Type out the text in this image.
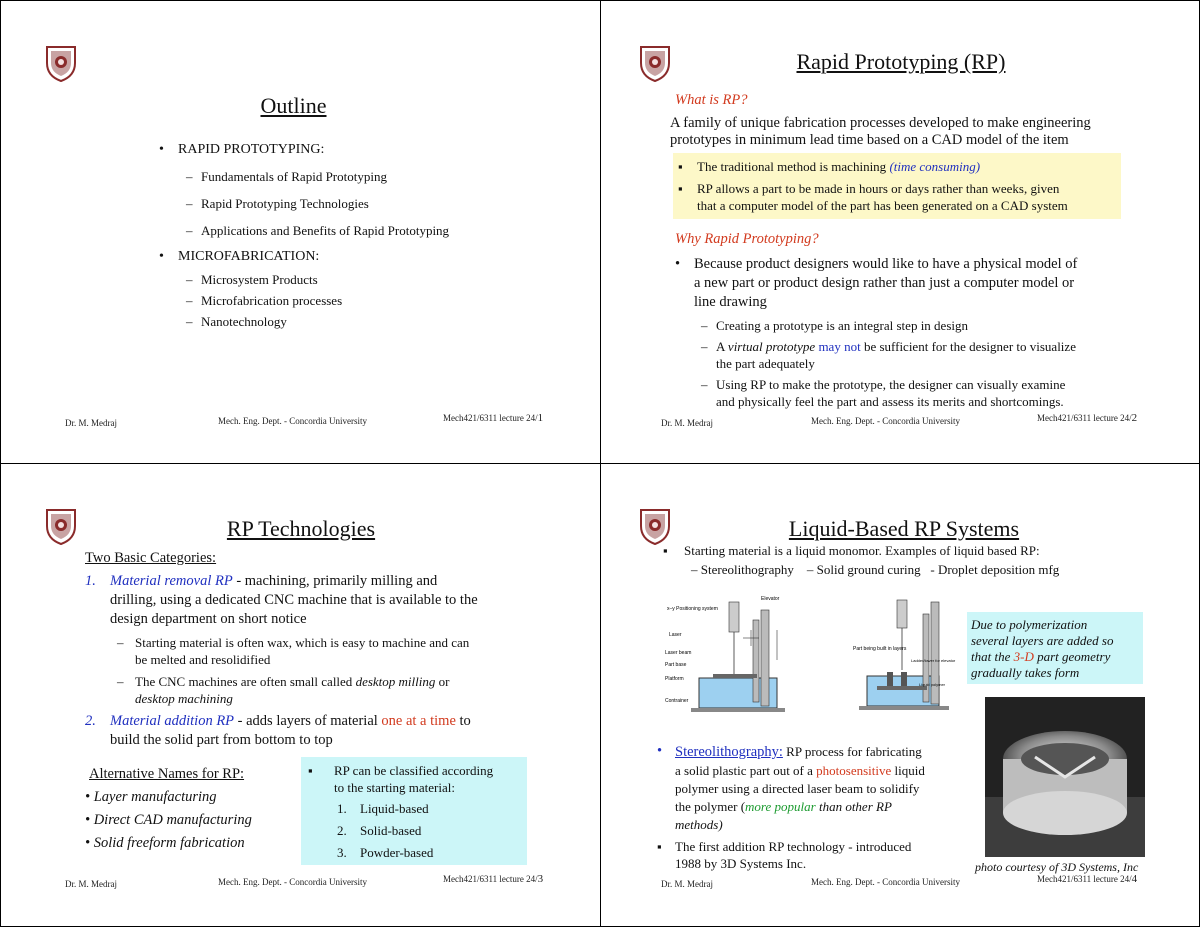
Outline
• RAPID PROTOTYPING:
– Fundamentals of Rapid Prototyping
– Rapid Prototyping Technologies
– Applications and Benefits of Rapid Prototyping
• MICROFABRICATION:
– Microsystem Products
– Microfabrication processes
– Nanotechnology
Dr. M. Medraj	Mech. Eng. Dept. - Concordia University	Mech421/6311 lecture 24/1
Rapid Prototyping (RP)
What is RP?
A family of unique fabrication processes developed to make engineering
prototypes in minimum lead time based on a CAD model of the item
▪ The traditional method is machining (time consuming)
▪ RP allows a part to be made in hours or days rather than weeks, given
that a computer model of the part has been generated on a CAD system
Why Rapid Prototyping?
• Because product designers would like to have a physical model of
a new part or product design rather than just a computer model or
line drawing
– Creating a prototype is an integral step in design
– A virtual prototype may not be sufficient for the designer to visualize
the part adequately
– Using RP to make the prototype, the designer can visually examine
and physically feel the part and assess its merits and shortcomings.
Dr. M. Medraj	Mech. Eng. Dept. - Concordia University	Mech421/6311 lecture 24/2
RP Technologies
Two Basic Categories:
1. Material removal RP - machining, primarily milling and
drilling, using a dedicated CNC machine that is available to the
design department on short notice
– Starting material is often wax, which is easy to machine and can
be melted and resolidified
– The CNC machines are often small called desktop milling or
desktop machining
2. Material addition RP - adds layers of material one at a time to
build the solid part from bottom to top
Alternative Names for RP:
• Layer manufacturing
• Direct CAD manufacturing
• Solid freeform fabrication
▪ RP can be classified according
to the starting material:
1. Liquid-based
2. Solid-based
3. Powder-based
Dr. M. Medraj	Mech. Eng. Dept. - Concordia University	Mech421/6311 lecture 24/3
Liquid-Based RP Systems
▪ Starting material is a liquid monomor. Examples of liquid based RP:
– Stereolithography    – Solid ground curing   - Droplet deposition mfg
Elevator
x–y Positioning system
Laser
Laser beam
Part base
Platform
Contrainer
Part being built in layers
Ladder/lower for elevator
Liquid polymer
Due to polymerization
several layers are added so
that the 3-D part geometry
gradually takes form
• Stereolithography: RP process for fabricating
a solid plastic part out of a photosensitive liquid
polymer using a directed laser beam to solidify
the polymer (more popular than other RP
methods)
▪ The first addition RP technology - introduced
1988 by 3D Systems Inc.	photo courtesy of 3D Systems, Inc
Dr. M. Medraj	Mech. Eng. Dept. - Concordia University	Mech421/6311 lecture 24/4
